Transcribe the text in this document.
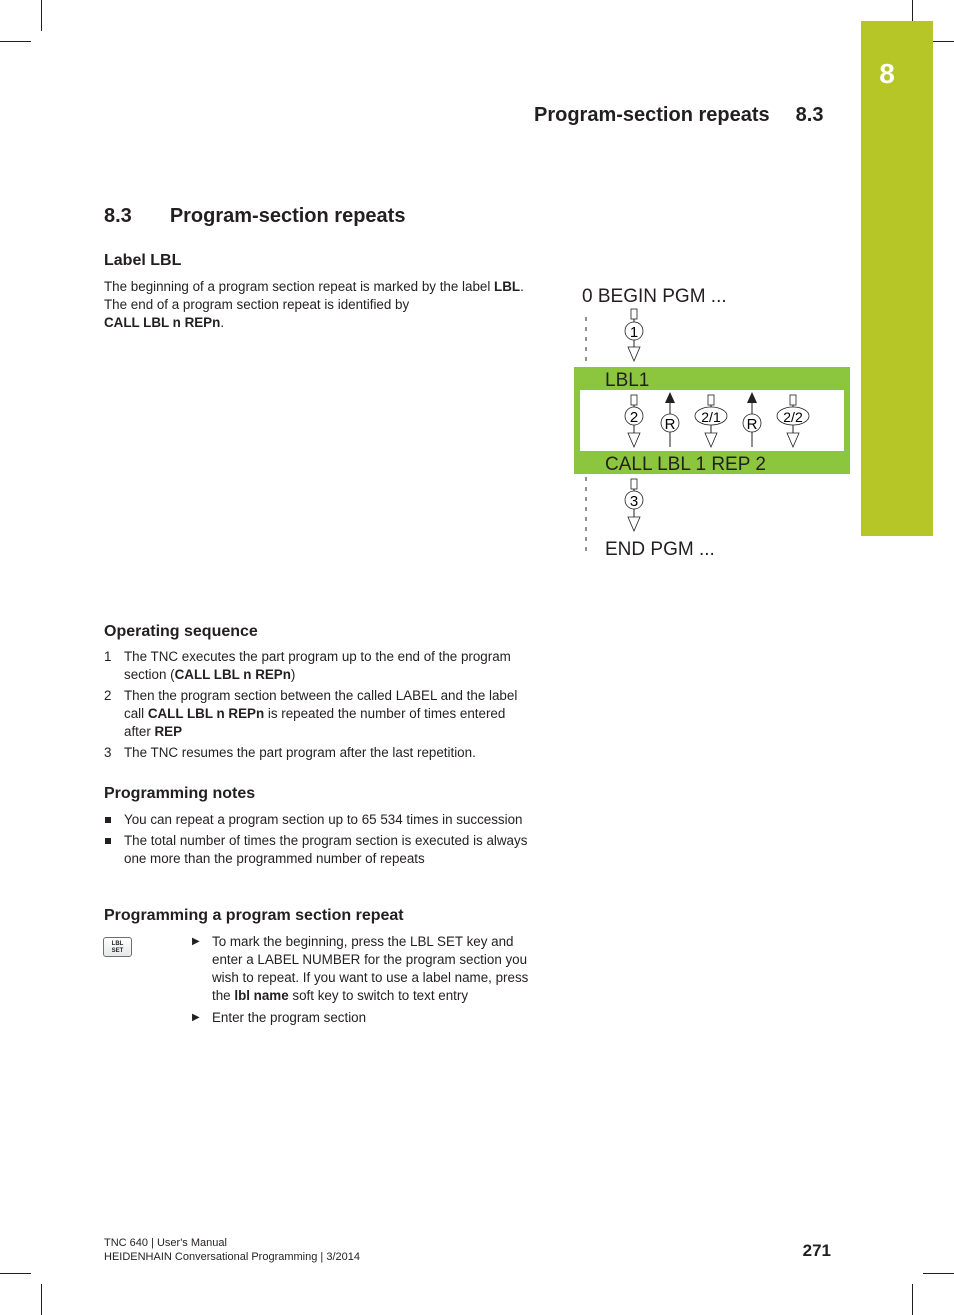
8
Program-section repeats 8.3
8.3 Program-section repeats
Label LBL
The beginning of a program section repeat is marked by the label LBL. The end of a program section repeat is identified by
CALL LBL n REPn.
0 BEGIN PGM ...
1
LBL1
2 R 2/1 R 2/2
CALL LBL 1 REP 2
3
END PGM ...
Operating sequence
1 The TNC executes the part program up to the end of the program section (CALL LBL n REPn)
2 Then the program section between the called LABEL and the label call CALL LBL n REPn is repeated the number of times entered after REP
3 The TNC resumes the part program after the last repetition.
Programming notes
You can repeat a program section up to 65 534 times in succession
The total number of times the program section is executed is always one more than the programmed number of repeats
Programming a program section repeat
LBL
SET
▶ To mark the beginning, press the LBL SET key and enter a LABEL NUMBER for the program section you wish to repeat. If you want to use a label name, press the lbl name soft key to switch to text entry
▶ Enter the program section
TNC 640 | User's Manual
HEIDENHAIN Conversational Programming | 3/2014	271
